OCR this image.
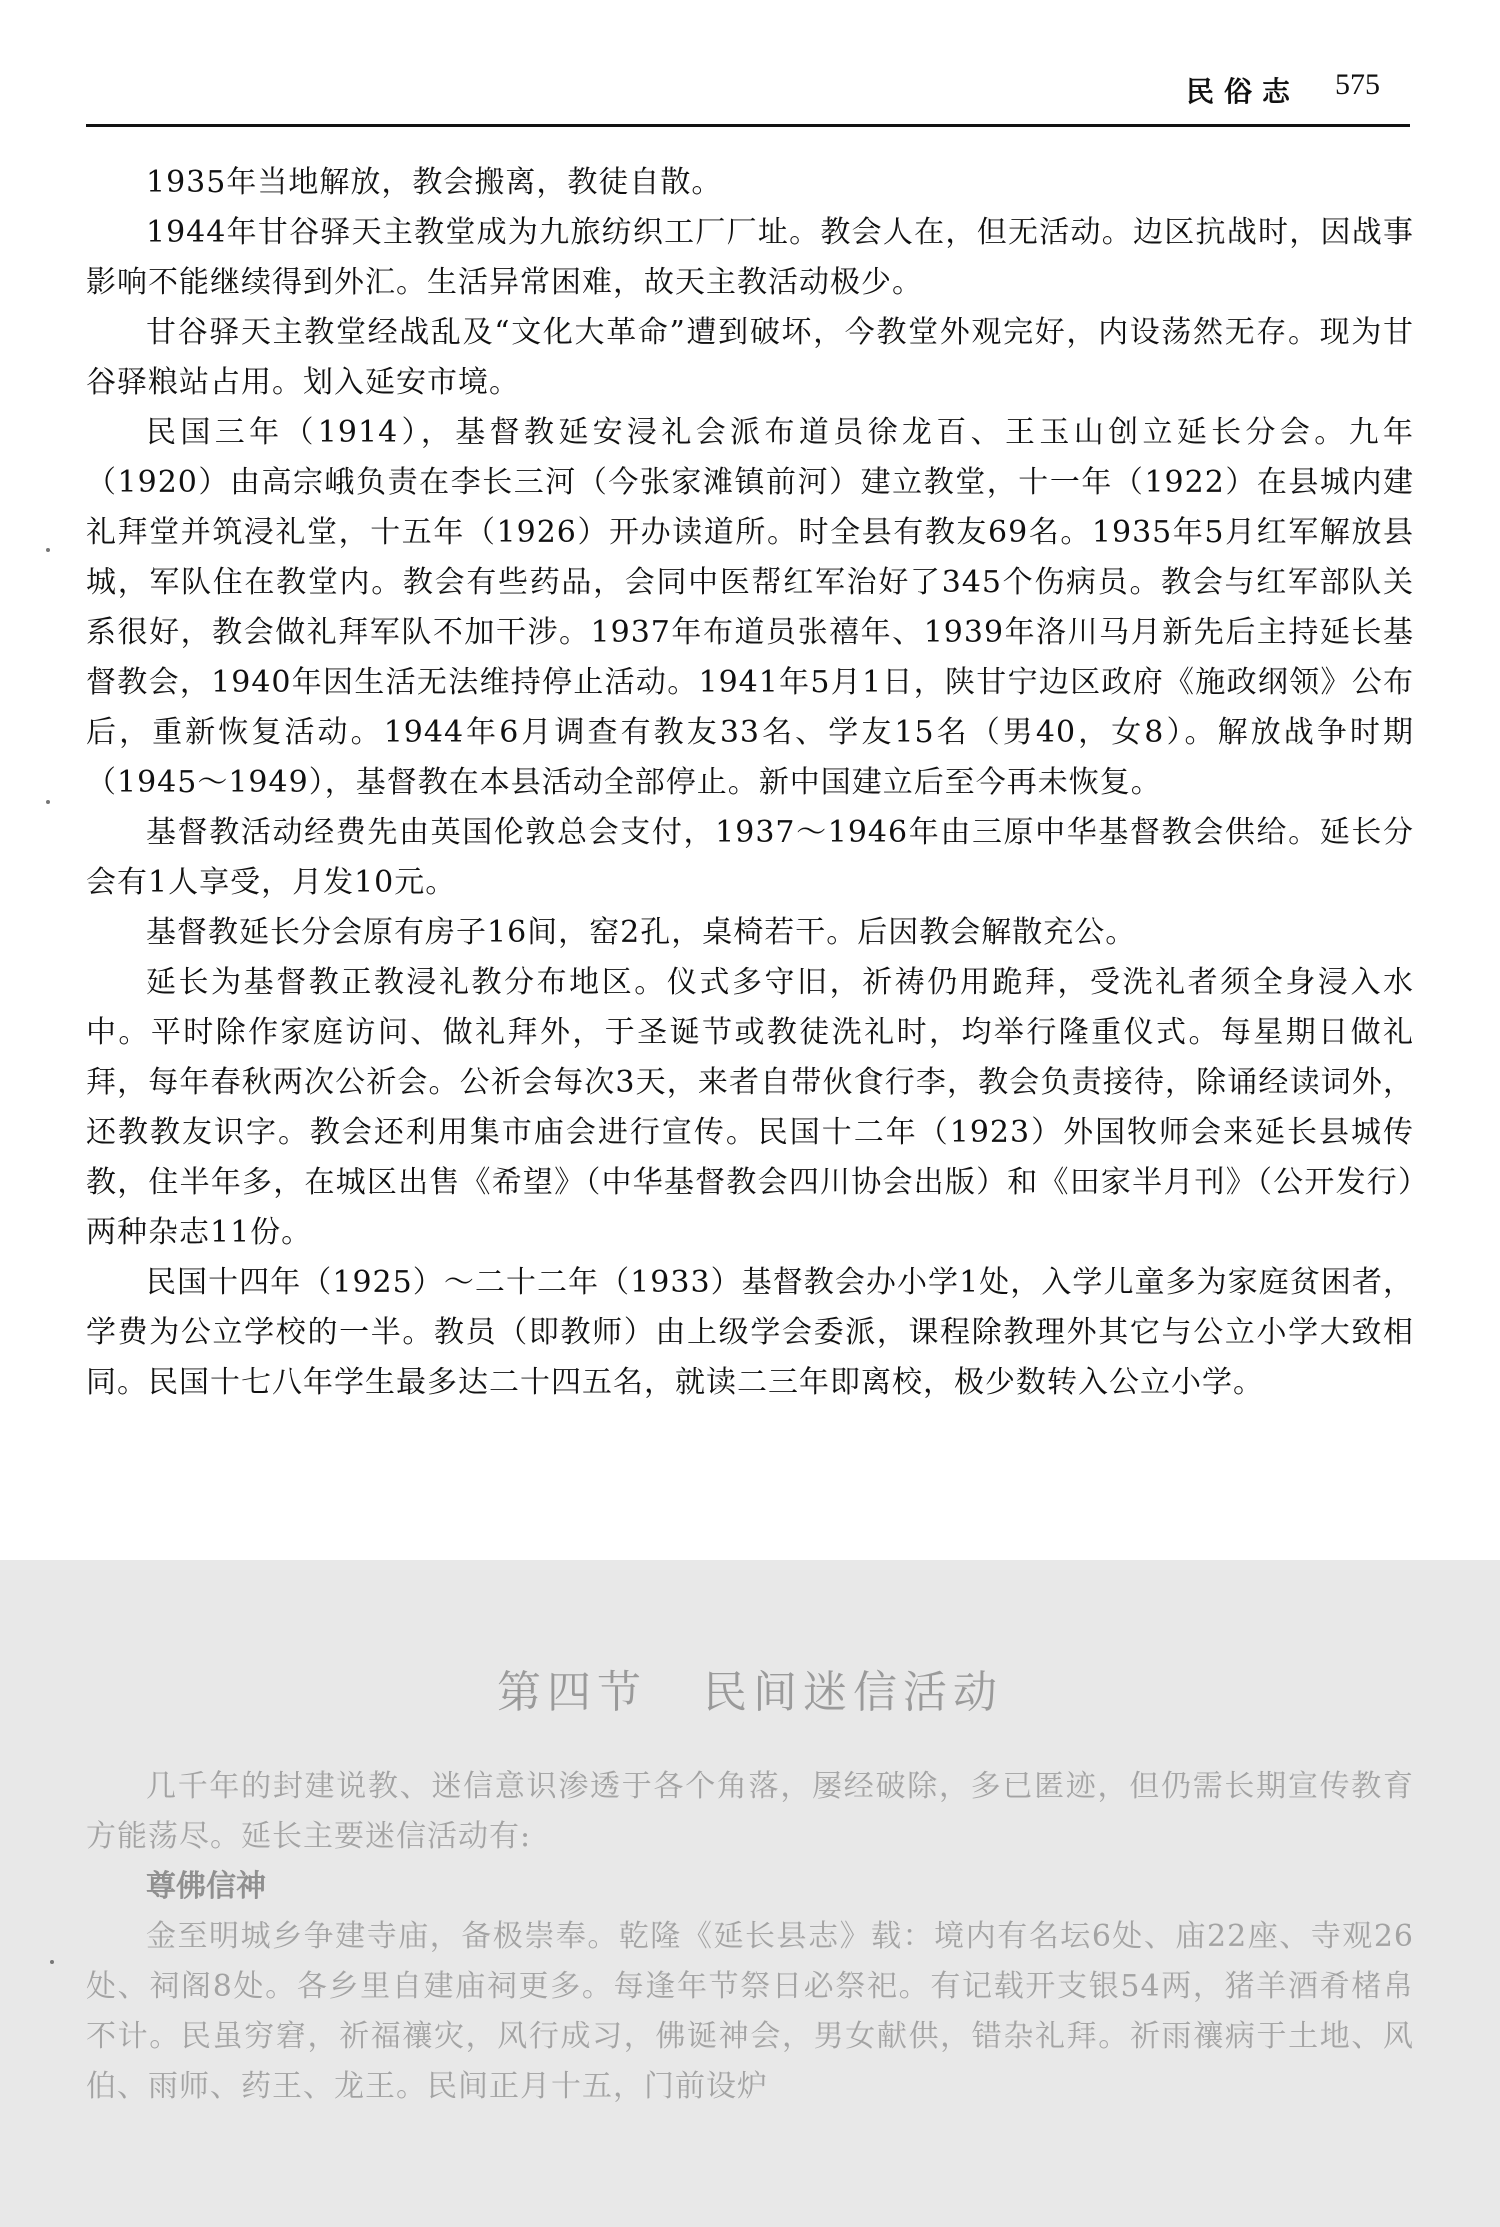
民俗志 575

1935年当地解放，教会搬离，教徒自散。

1944年甘谷驿天主教堂成为九旅纺织工厂厂址。教会人在，但无活动。边区抗战时，因战事影响不能继续得到外汇。生活异常困难，故天主教活动极少。

甘谷驿天主教堂经战乱及“文化大革命”遭到破坏，今教堂外观完好，内设荡然无存。现为甘谷驿粮站占用。划入延安市境。

民国三年（1914），基督教延安浸礼会派布道员徐龙百、王玉山创立延长分会。九年（1920）由高宗峨负责在李长三河（今张家滩镇前河）建立教堂，十一年（1922）在县城内建礼拜堂并筑浸礼堂，十五年（1926）开办读道所。时全县有教友69名。1935年5月红军解放县城，军队住在教堂内。教会有些药品，会同中医帮红军治好了345个伤病员。教会与红军部队关系很好，教会做礼拜军队不加干涉。1937年布道员张禧年、1939年洛川马月新先后主持延长基督教会，1940年因生活无法维持停止活动。1941年5月1日，陕甘宁边区政府《施政纲领》公布后，重新恢复活动。1944年6月调查有教友33名、学友15名（男40，女8）。解放战争时期（1945～1949），基督教在本县活动全部停止。新中国建立后至今再未恢复。

基督教活动经费先由英国伦敦总会支付，1937～1946年由三原中华基督教会供给。延长分会有1人享受，月发10元。

基督教延长分会原有房子16间，窑2孔，桌椅若干。后因教会解散充公。

延长为基督教正教浸礼教分布地区。仪式多守旧，祈祷仍用跪拜，受洗礼者须全身浸入水中。平时除作家庭访问、做礼拜外，于圣诞节或教徒洗礼时，均举行隆重仪式。每星期日做礼拜，每年春秋两次公祈会。公祈会每次3天，来者自带伙食行李，教会负责接待，除诵经读词外，还教教友识字。教会还利用集市庙会进行宣传。民国十二年（1923）外国牧师会来延长县城传教，住半年多，在城区出售《希望》（中华基督教会四川协会出版）和《田家半月刊》（公开发行）两种杂志11份。

民国十四年（1925）～二十二年（1933）基督教会办小学1处，入学儿童多为家庭贫困者，学费为公立学校的一半。教员（即教师）由上级学会委派，课程除教理外其它与公立小学大致相同。民国十七八年学生最多达二十四五名，就读二三年即离校，极少数转入公立小学。

第四节 民间迷信活动

几千年的封建说教、迷信意识渗透于各个角落，屡经破除，多已匿迹，但仍需长期宣传教育方能荡尽。延长主要迷信活动有:

尊佛信神

金至明城乡争建寺庙，备极崇奉。乾隆《延长县志》载：境内有名坛6处、庙22座、寺观26处、祠阁8处。各乡里自建庙祠更多。每逢年节祭日必祭祀。有记载开支银54两，猪羊酒肴楮帛不计。民虽穷窘，祈福禳灾，风行成习，佛诞神会，男女献供，错杂礼拜。祈雨禳病于土地、风伯、雨师、药王、龙王。民间正月十五，门前设炉
